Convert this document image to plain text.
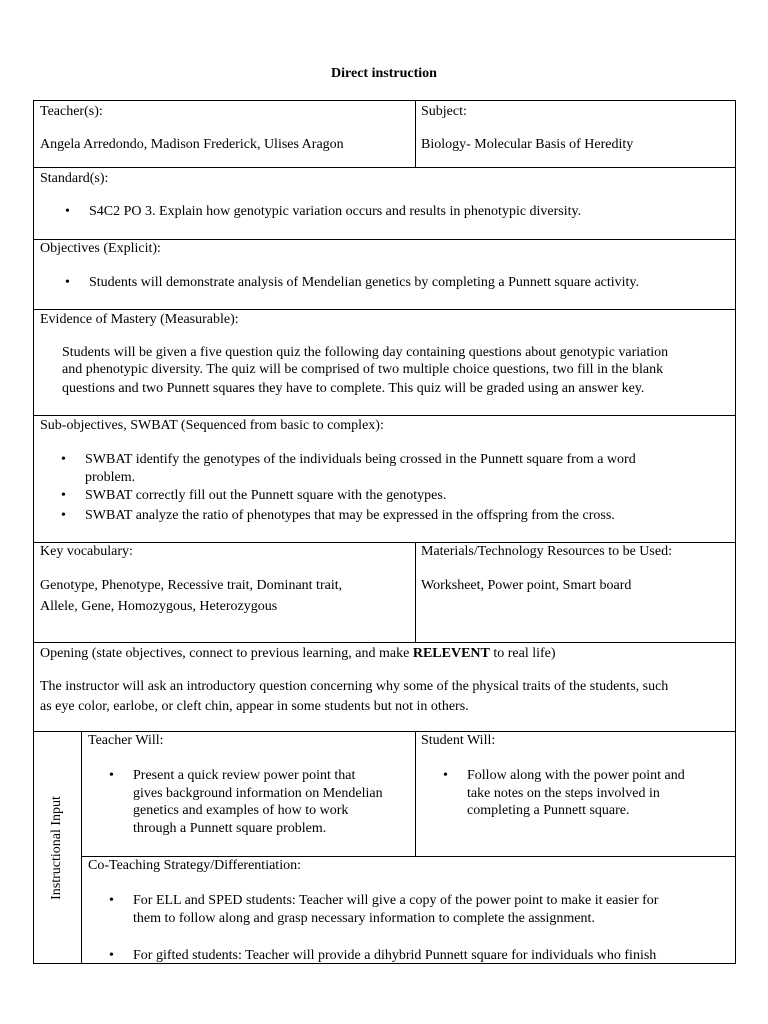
Direct instruction
Teacher(s):
Angela Arredondo, Madison Frederick, Ulises Aragon
Subject:
Biology- Molecular Basis of Heredity
Standard(s):
• S4C2 PO 3. Explain how genotypic variation occurs and results in phenotypic diversity.
Objectives (Explicit):
• Students will demonstrate analysis of Mendelian genetics by completing a Punnett square activity.
Evidence of Mastery (Measurable):
Students will be given a five question quiz the following day containing questions about genotypic variation
and phenotypic diversity. The quiz will be comprised of two multiple choice questions, two fill in the blank
questions and two Punnett squares they have to complete. This quiz will be graded using an answer key.
Sub-objectives, SWBAT (Sequenced from basic to complex):
• SWBAT identify the genotypes of the individuals being crossed in the Punnett square from a word
problem.
• SWBAT correctly fill out the Punnett square with the genotypes.
• SWBAT analyze the ratio of phenotypes that may be expressed in the offspring from the cross.
Key vocabulary:
Genotype, Phenotype, Recessive trait, Dominant trait,
Allele, Gene, Homozygous, Heterozygous
Materials/Technology Resources to be Used:
Worksheet, Power point, Smart board
Opening (state objectives, connect to previous learning, and make RELEVENT to real life)
The instructor will ask an introductory question concerning why some of the physical traits of the students, such
as eye color, earlobe, or cleft chin, appear in some students but not in others.
Instructional Input
Teacher Will:
• Present a quick review power point that
gives background information on Mendelian
genetics and examples of how to work
through a Punnett square problem.
Student Will:
• Follow along with the power point and
take notes on the steps involved in
completing a Punnett square.
Co-Teaching Strategy/Differentiation:
• For ELL and SPED students: Teacher will give a copy of the power point to make it easier for
them to follow along and grasp necessary information to complete the assignment.
• For gifted students: Teacher will provide a dihybrid Punnett square for individuals who finish
